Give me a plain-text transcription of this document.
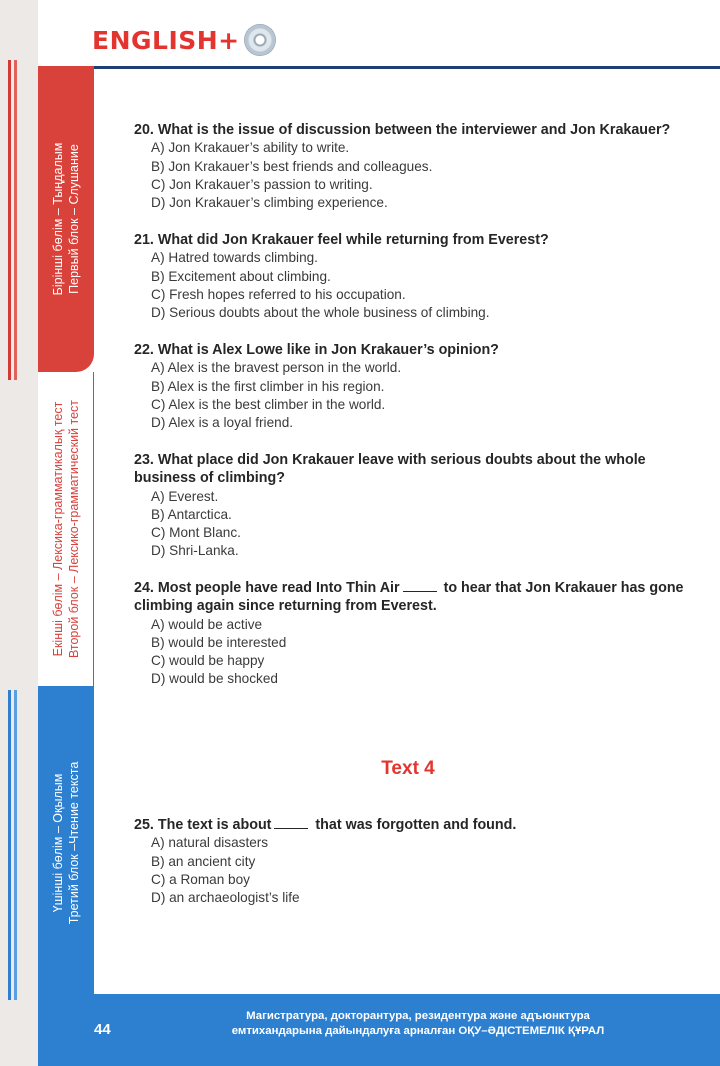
ENGLISH+
Бірінші бөлім – Тыңдалым Первый блок – Слушание
Екінші бөлім – Лексика-грамматикалық тест Второй блок – Лексико-грамматический тест
Үшінші бөлім – Оқылым Третий блок –Чтение текста
20. What is the issue of discussion between the interviewer and Jon Krakauer?
A) Jon Krakauer’s ability to write.
B) Jon Krakauer’s best friends and colleagues.
C) Jon Krakauer’s passion to writing.
D) Jon Krakauer’s climbing experience.
21. What did Jon Krakauer feel while returning from Everest?
A) Hatred towards climbing.
B) Excitement about climbing.
C) Fresh hopes referred to his occupation.
D) Serious doubts about the whole business of climbing.
22. What is Alex Lowe like in Jon Krakauer’s opinion?
A) Alex is the bravest person in the world.
B) Alex is the first climber in his region.
C) Alex is the best climber in the world.
D) Alex is a loyal friend.
23. What place did Jon Krakauer leave with serious doubts about the whole business of climbing?
A) Everest.
B) Antarctica.
C) Mont Blanc.
D) Shri-Lanka.
24. Most people have read Into Thin Air	to hear that Jon Krakauer has gone climbing again since returning from Everest.
A) would be active
B) would be interested
C) would be happy
D) would be shocked
Text 4
25. The text is about	that was forgotten and found.
A) natural disasters
B) an ancient city
C) a Roman boy
D) an archaeologist’s life
44
Магистратура, докторантура, резидентура және адъюнктура
емтихандарына дайындалуға арналған ОҚУ–ӘДІСТЕМЕЛІК ҚҰРАЛ
